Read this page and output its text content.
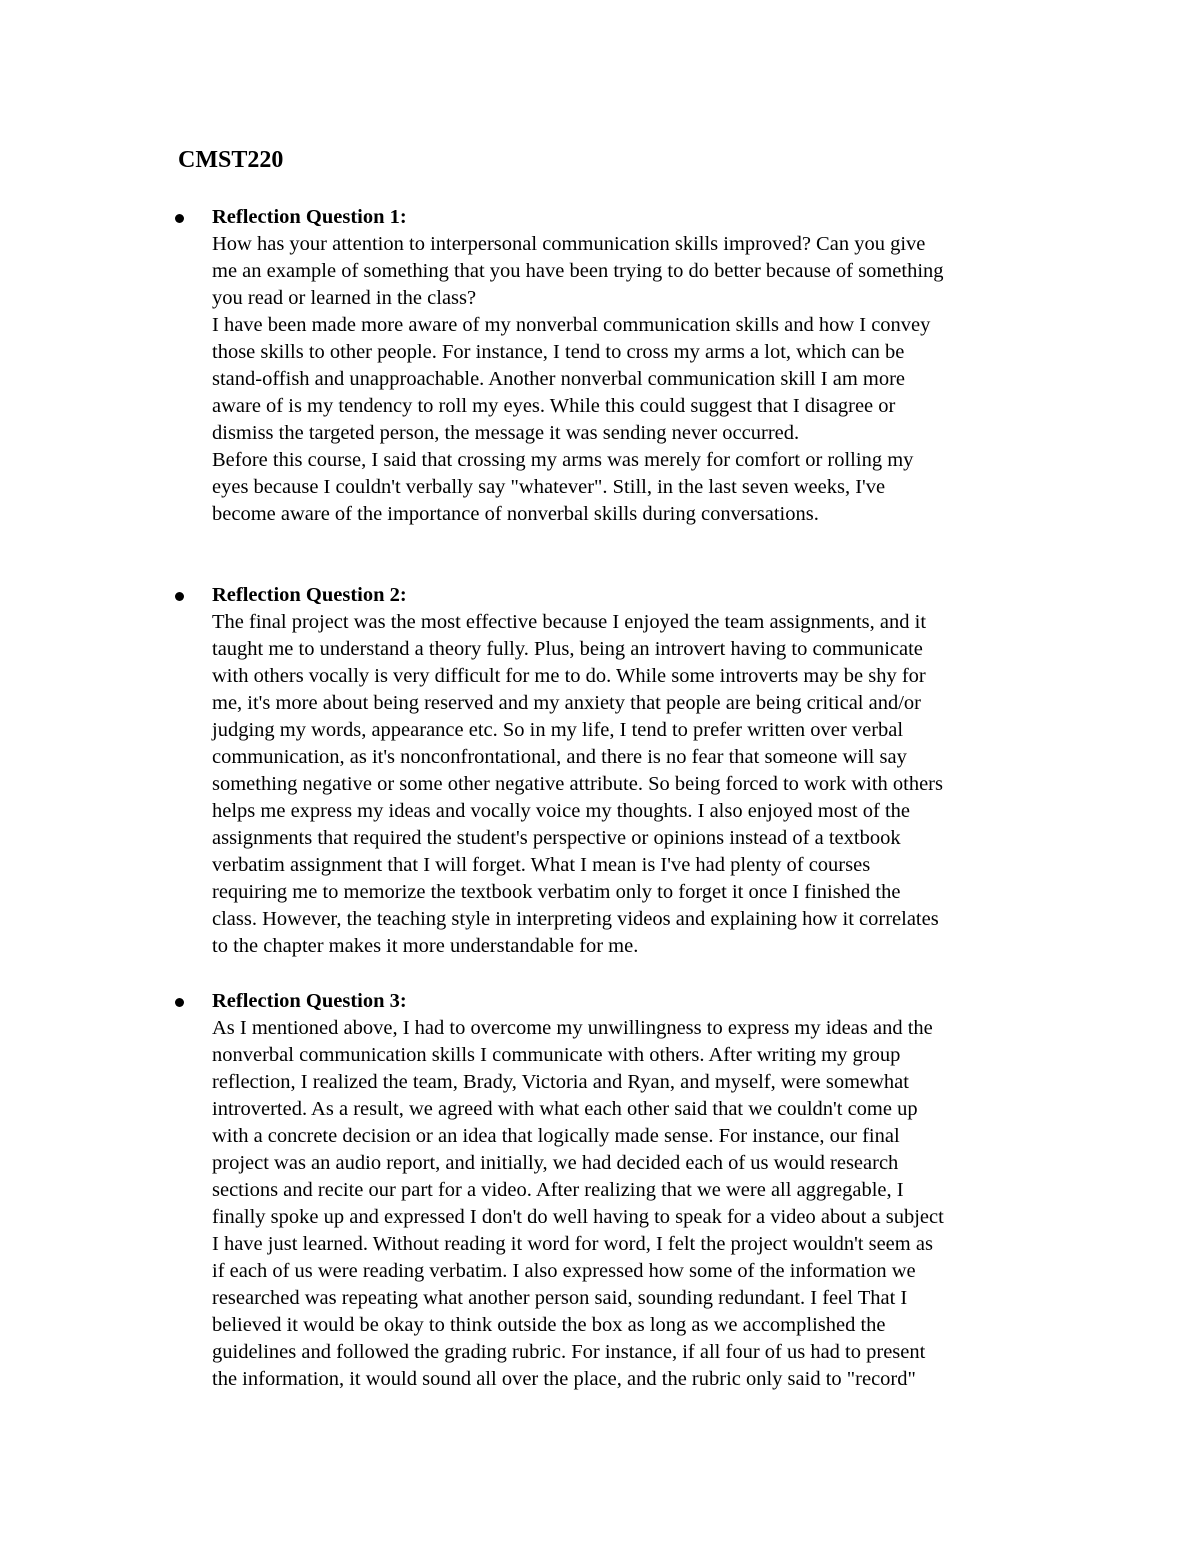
CMST220
Reflection Question 1:
How has your attention to interpersonal communication skills improved? Can you give
me an example of something that you have been trying to do better because of something
you read or learned in the class?
I have been made more aware of my nonverbal communication skills and how I convey
those skills to other people. For instance, I tend to cross my arms a lot, which can be
stand-offish and unapproachable. Another nonverbal communication skill I am more
aware of is my tendency to roll my eyes. While this could suggest that I disagree or
dismiss the targeted person, the message it was sending never occurred.
Before this course, I said that crossing my arms was merely for comfort or rolling my
eyes because I couldn't verbally say "whatever". Still, in the last seven weeks, I've
become aware of the importance of nonverbal skills during conversations.
Reflection Question 2:
The final project was the most effective because I enjoyed the team assignments, and it
taught me to understand a theory fully. Plus, being an introvert having to communicate
with others vocally is very difficult for me to do. While some introverts may be shy for
me, it's more about being reserved and my anxiety that people are being critical and/or
judging my words, appearance etc. So in my life, I tend to prefer written over verbal
communication, as it's nonconfrontational, and there is no fear that someone will say
something negative or some other negative attribute. So being forced to work with others
helps me express my ideas and vocally voice my thoughts. I also enjoyed most of the
assignments that required the student's perspective or opinions instead of a textbook
verbatim assignment that I will forget. What I mean is I've had plenty of courses
requiring me to memorize the textbook verbatim only to forget it once I finished the
class. However, the teaching style in interpreting videos and explaining how it correlates
to the chapter makes it more understandable for me.
Reflection Question 3:
As I mentioned above, I had to overcome my unwillingness to express my ideas and the
nonverbal communication skills I communicate with others. After writing my group
reflection, I realized the team, Brady, Victoria and Ryan, and myself, were somewhat
introverted. As a result, we agreed with what each other said that we couldn't come up
with a concrete decision or an idea that logically made sense. For instance, our final
project was an audio report, and initially, we had decided each of us would research
sections and recite our part for a video. After realizing that we were all aggregable, I
finally spoke up and expressed I don't do well having to speak for a video about a subject
I have just learned. Without reading it word for word, I felt the project wouldn't seem as
if each of us were reading verbatim. I also expressed how some of the information we
researched was repeating what another person said, sounding redundant. I feel That I
believed it would be okay to think outside the box as long as we accomplished the
guidelines and followed the grading rubric. For instance, if all four of us had to present
the information, it would sound all over the place, and the rubric only said to "record"
